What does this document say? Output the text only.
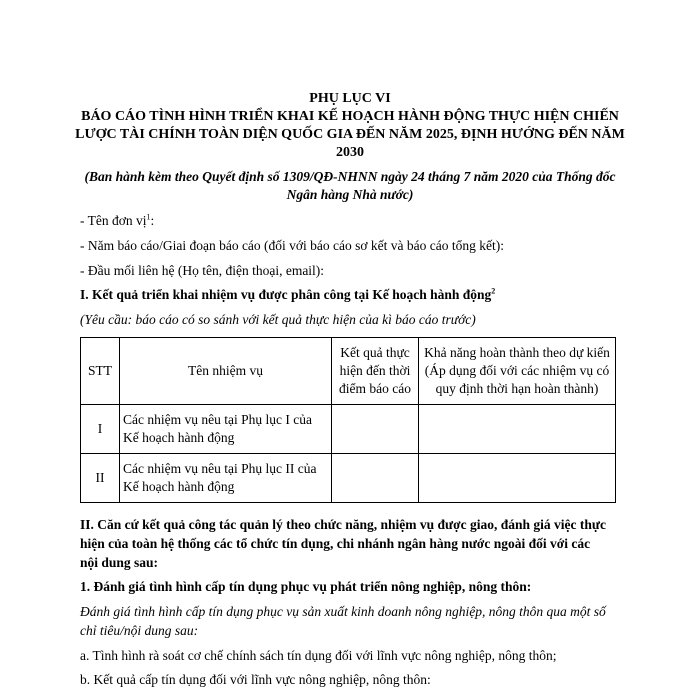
PHỤ LỤC VI
BÁO CÁO TÌNH HÌNH TRIỂN KHAI KẾ HOẠCH HÀNH ĐỘNG THỰC HIỆN CHIẾN
LƯỢC TÀI CHÍNH TOÀN DIỆN QUỐC GIA ĐẾN NĂM 2025, ĐỊNH HƯỚNG ĐẾN NĂM
2030
(Ban hành kèm theo Quyết định số 1309/QĐ-NHNN ngày 24 tháng 7 năm 2020 của Thống đốc
Ngân hàng Nhà nước)
- Tên đơn vị$^1$:
- Năm báo cáo/Giai đoạn báo cáo (đối với báo cáo sơ kết và báo cáo tổng kết):
- Đầu mối liên hệ (Họ tên, điện thoại, email):
I. Kết quả triển khai nhiệm vụ được phân công tại Kế hoạch hành động$^2$
(Yêu cầu: báo cáo có so sánh với kết quả thực hiện của kì báo cáo trước)
STT	Tên nhiệm vụ	Kết quả thực hiện đến thời điểm báo cáo	Khả năng hoàn thành theo dự kiến (Áp dụng đối với các nhiệm vụ có quy định thời hạn hoàn thành)
I	Các nhiệm vụ nêu tại Phụ lục I của Kế hoạch hành động		
II	Các nhiệm vụ nêu tại Phụ lục II của Kế hoạch hành động		
II. Căn cứ kết quả công tác quản lý theo chức năng, nhiệm vụ được giao, đánh giá việc thực
hiện của toàn hệ thống các tổ chức tín dụng, chi nhánh ngân hàng nước ngoài đối với các
nội dung sau:
1. Đánh giá tình hình cấp tín dụng phục vụ phát triển nông nghiệp, nông thôn:
Đánh giá tình hình cấp tín dụng phục vụ sản xuất kinh doanh nông nghiệp, nông thôn qua một số
chỉ tiêu/nội dung sau:
a. Tình hình rà soát cơ chế chính sách tín dụng đối với lĩnh vực nông nghiệp, nông thôn;
b. Kết quả cấp tín dụng đối với lĩnh vực nông nghiệp, nông thôn:
